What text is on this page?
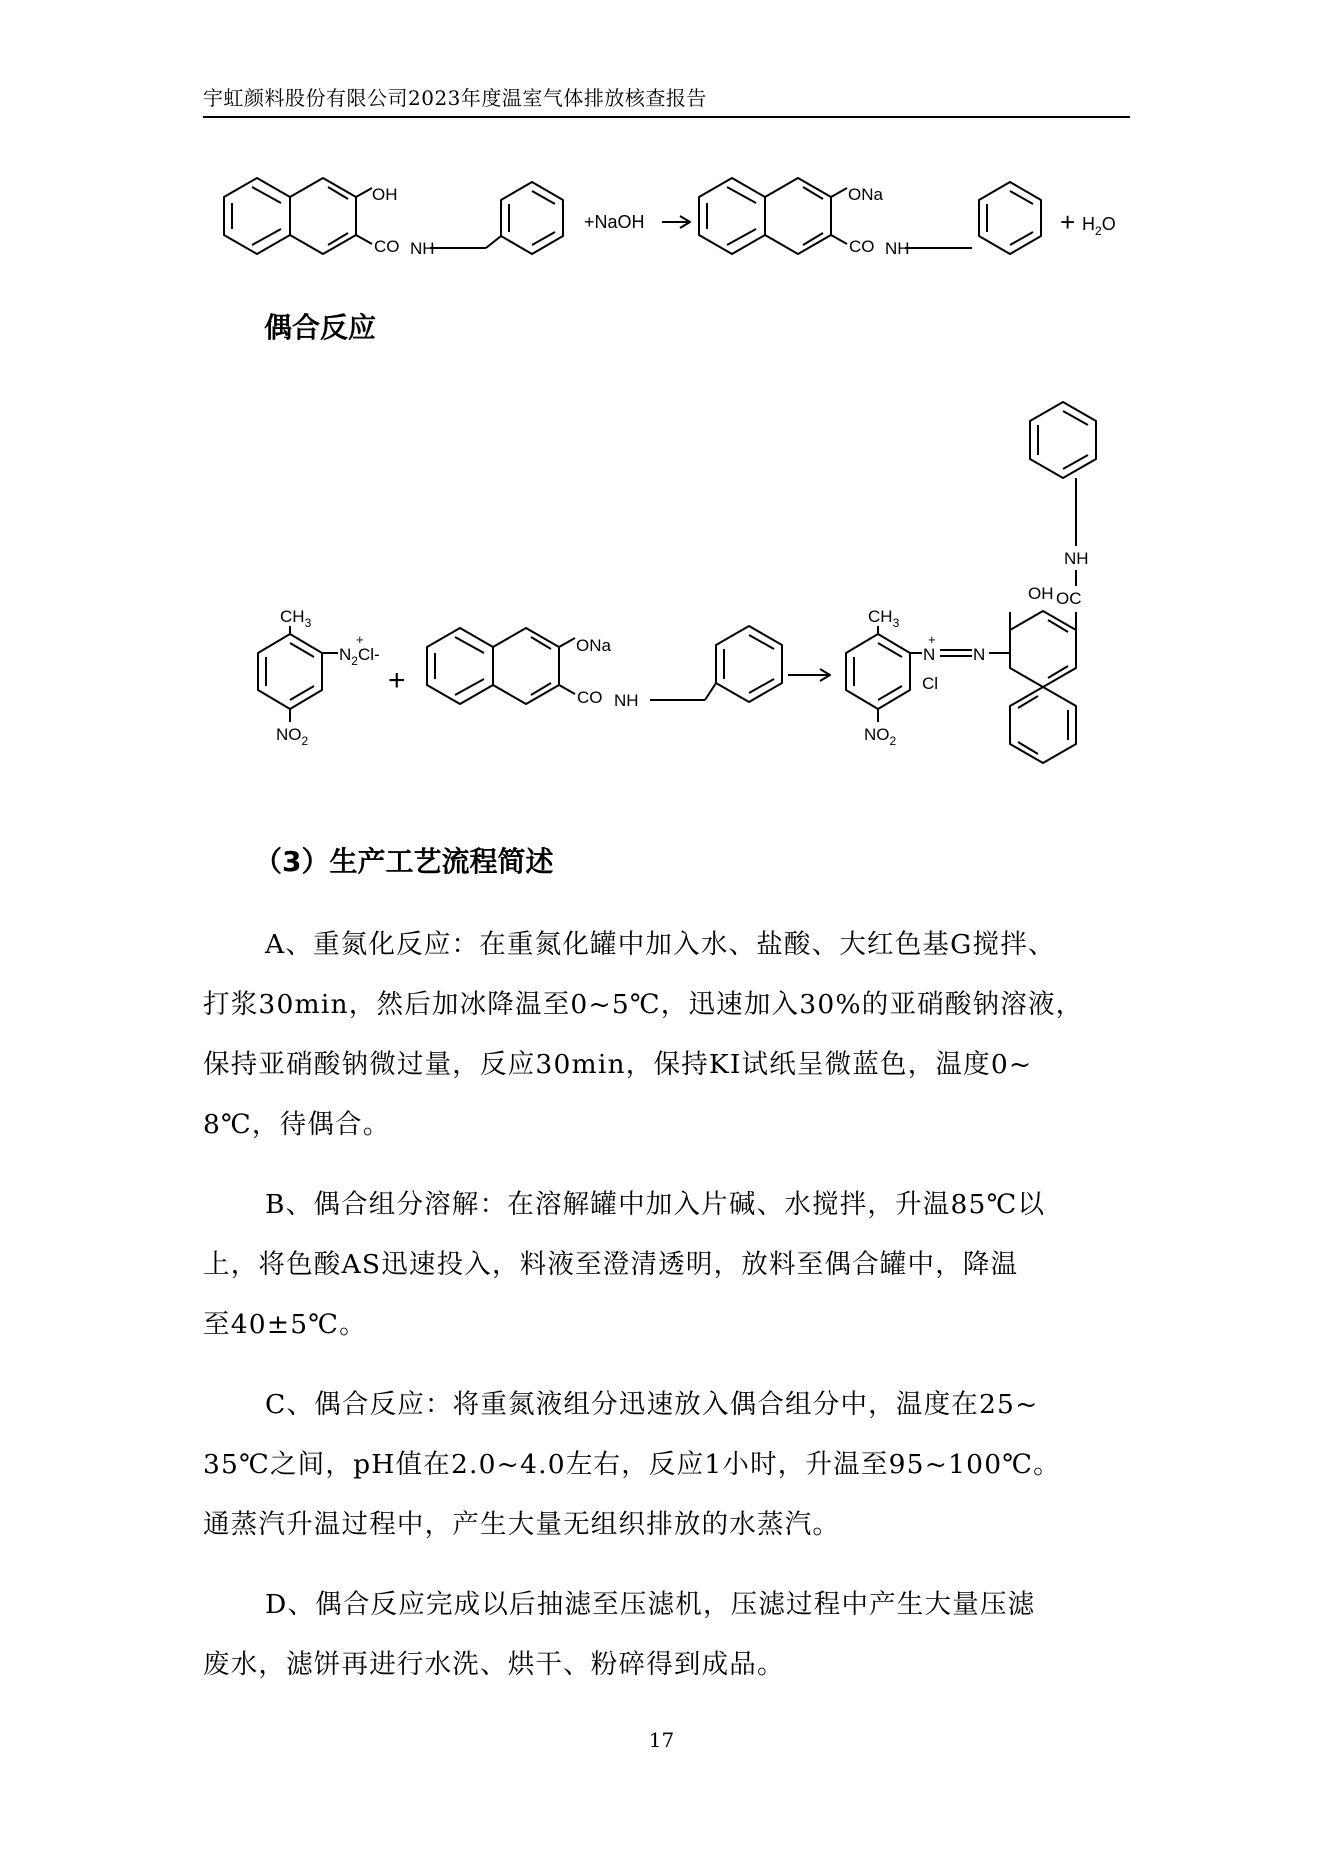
宇虹颜料股份有限公司2023年度温室气体排放核查报告
OH
CO NH
+NaOH
ONa
CO NH
+ $H_2O$
$CH_3$
$N_2Cl-$
+
$NO_2$
+
ONa
CO NH
$CH_3$
N
+
N
Cl
$NO_2$
OH OC
NH
偶合反应
（3）生产工艺流程简述
A、重氮化反应：在重氮化罐中加入水、盐酸、大红色基G搅拌、
打浆30min，然后加冰降温至0~5℃，迅速加入30%的亚硝酸钠溶液，
保持亚硝酸钠微过量，反应30min，保持KI试纸呈微蓝色，温度0~
8℃，待偶合。
B、偶合组分溶解：在溶解罐中加入片碱、水搅拌，升温85℃以
上，将色酸AS迅速投入，料液至澄清透明，放料至偶合罐中，降温
至40±5℃。
C、偶合反应：将重氮液组分迅速放入偶合组分中，温度在25~
35℃之间，pH值在2.0~4.0左右，反应1小时，升温至95~100℃。
通蒸汽升温过程中，产生大量无组织排放的水蒸汽。
D、偶合反应完成以后抽滤至压滤机，压滤过程中产生大量压滤
废水，滤饼再进行水洗、烘干、粉碎得到成品。
17
